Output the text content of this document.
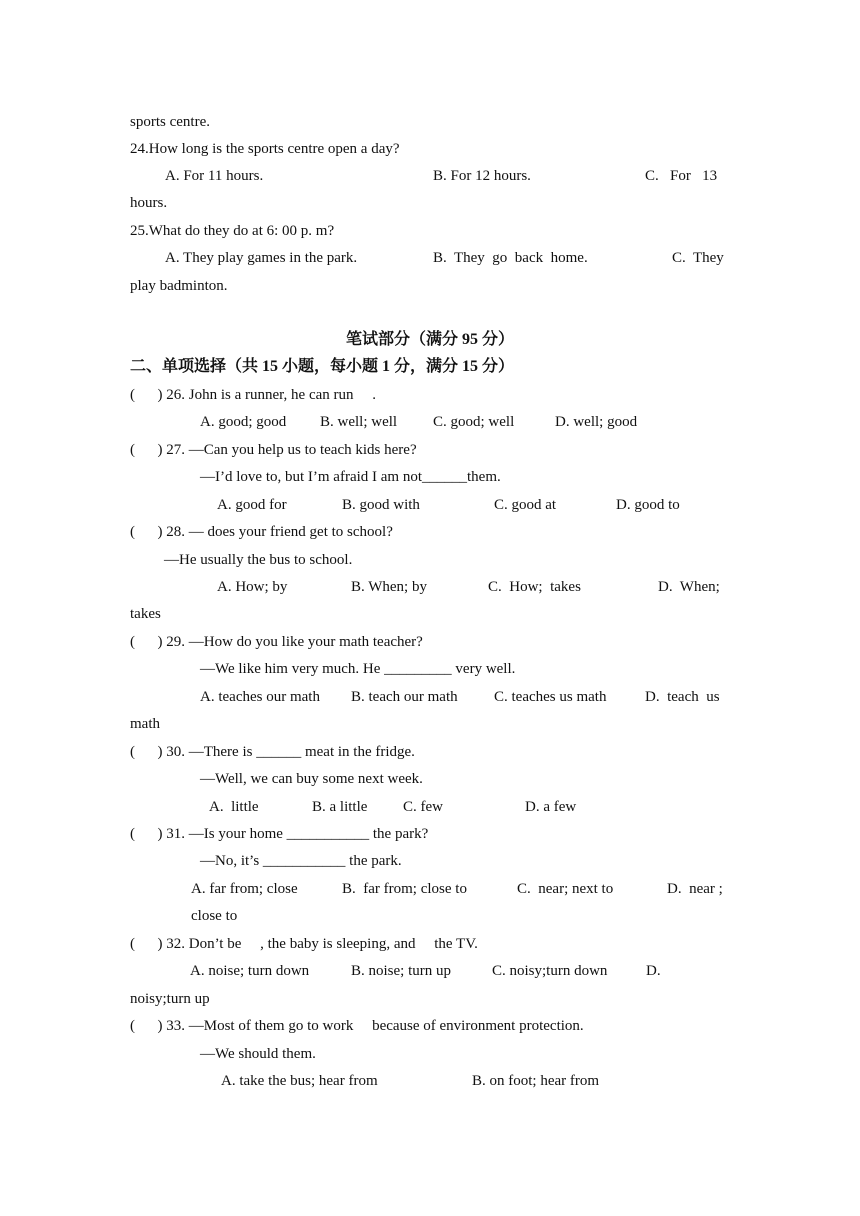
sports centre.
24.How long is the sports centre open a day?
A. For 11 hours.	B. For 12 hours.	C.   For   13
hours.
25.What do they do at 6: 00 p. m?
A. They play games in the park.	B.  They  go  back  home.	C.  They
play badminton.
笔试部分（满分 95 分）
二、单项选择（共 15 小题，每小题 1 分，满分 15 分）
(      ) 26. John is a runner, he can run     .
A. good; good B. well; well C. good; well	D. well; good
(      ) 27. —Can you help us to teach kids here?
—I’d love to, but I’m afraid I am not______them.
A. good for	B. good with	C. good at	D. good to
(      ) 28. — does your friend get to school?
—He usually the bus to school.
A. How; by	B. When; by	C.  How;  takes	D.  When;
takes
(      ) 29. —How do you like your math teacher?
—We like him very much. He _________ very well.
A. teaches our math B. teach our math C. teaches us math	D.  teach  us
math
(      ) 30. —There is ______ meat in the fridge.
—Well, we can buy some next week.
A.  little	B. a little C. few	D. a few
(      ) 31. —Is your home ___________ the park?
—No, it’s ___________ the park.
A. far from; close	B.  far from; close to	C.  near; next to	D.  near ;
close to
(      ) 32. Don’t be     , the baby is sleeping, and     the TV.
A. noise; turn down	B. noise; turn up	C. noisy;turn down	D.
noisy;turn up
(      ) 33. —Most of them go to work     because of environment protection.
—We should them.
A. take the bus; hear from	B. on foot; hear from
